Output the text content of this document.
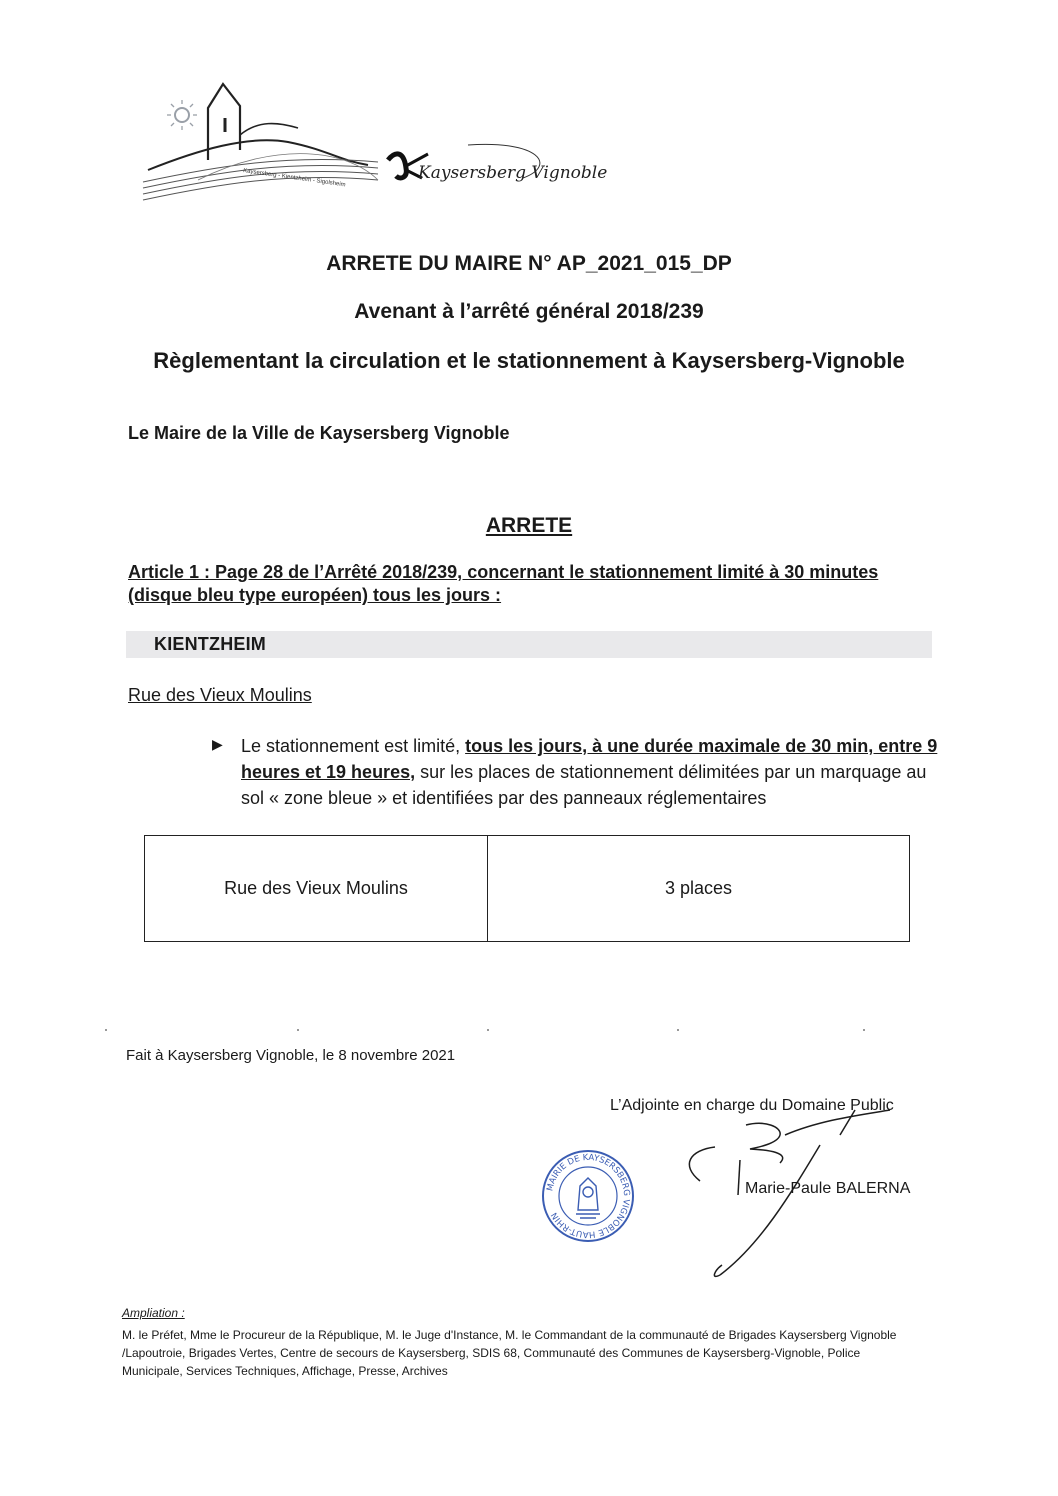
Kaysersberg Vignoble
Kaysersberg - Kientzheim - Sigolsheim
ARRETE DU MAIRE N° AP_2021_015_DP
Avenant à l’arrêté général 2018/239
Règlementant la circulation et le stationnement à Kaysersberg-Vignoble
Le Maire de la Ville de Kaysersberg Vignoble
ARRETE
Article 1 : Page 28 de l’Arrêté 2018/239, concernant le stationnement limité à 30 minutes (disque bleu type européen) tous les jours :
KIENTZHEIM
Rue des Vieux Moulins
▶ Le stationnement est limité, tous les jours, à une durée maximale de 30 min, entre 9 heures et 19 heures, sur les places de stationnement délimitées par un marquage au sol « zone bleue » et identifiées par des panneaux réglementaires
Rue des Vieux Moulins	3 places
Fait à Kaysersberg Vignoble, le 8 novembre 2021
L’Adjointe en charge du Domaine Public
MAIRIE DE KAYSERSBERG VIGNOBLE HAUT-RHIN
Marie-Paule BALERNA
Ampliation :
M. le Préfet, Mme le Procureur de la République, M. le Juge d'Instance, M. le Commandant de la communauté de Brigades Kaysersberg Vignoble /Lapoutroie, Brigades Vertes, Centre de secours de Kaysersberg, SDIS 68, Communauté des Communes de Kaysersberg-Vignoble, Police Municipale, Services Techniques, Affichage, Presse, Archives
